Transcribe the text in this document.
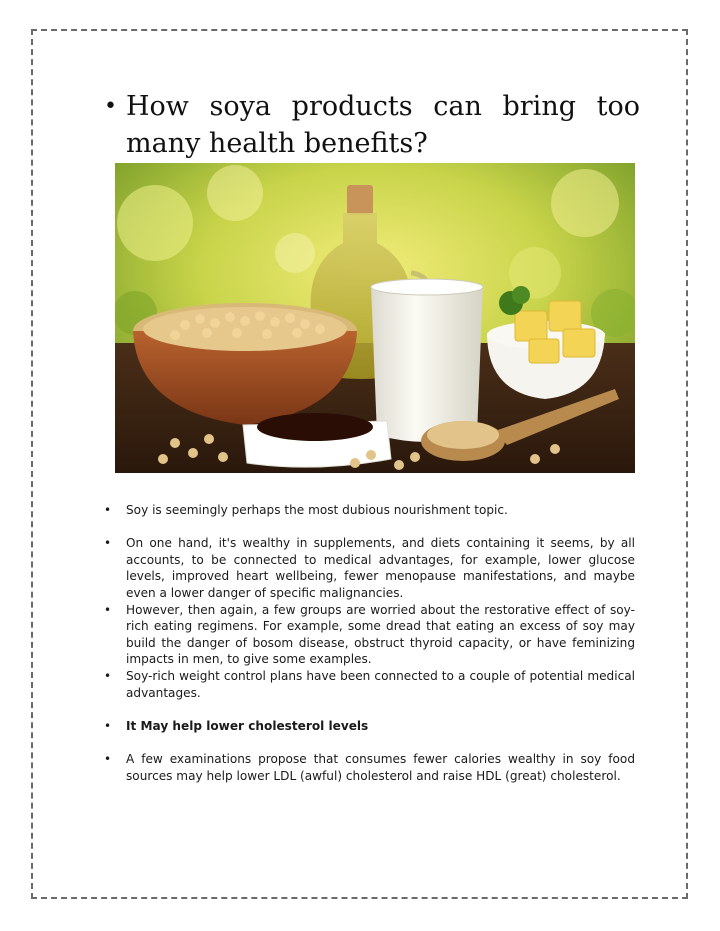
• How soya products can bring too many health benefits?
•	Soy is seemingly perhaps the most dubious nourishment topic.
•	On one hand, it's wealthy in supplements, and diets containing it seems, by all accounts, to be connected to medical advantages, for example, lower glucose levels, improved heart wellbeing, fewer menopause manifestations, and maybe even a lower danger of specific malignancies.
•	However, then again, a few groups are worried about the restorative effect of soy-rich eating regimens. For example, some dread that eating an excess of soy may build the danger of bosom disease, obstruct thyroid capacity, or have feminizing impacts in men, to give some examples.
•	Soy-rich weight control plans have been connected to a couple of potential medical advantages.
•	It May help lower cholesterol levels
•	A few examinations propose that consumes fewer calories wealthy in soy food sources may help lower LDL (awful) cholesterol and raise HDL (great) cholesterol.
